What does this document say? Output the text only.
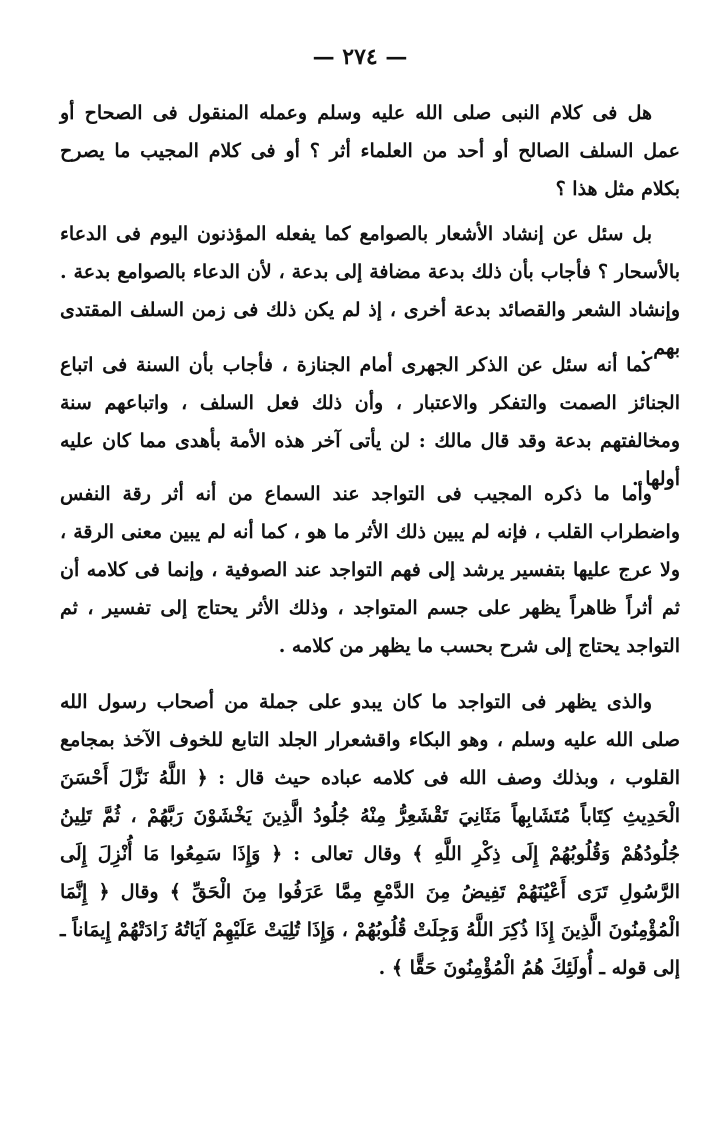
— ٢٧٤ —

هل فى كلام النبى صلى الله عليه وسلم وعمله المنقول فى الصحاح أو عمل السلف الصالح أو أحد من العلماء أثر ؟ أو فى كلام المجيب ما يصرح بكلام مثل هذا ؟

بل سئل عن إنشاد الأشعار بالصوامع كما يفعله المؤذنون اليوم فى الدعاء بالأسحار ؟ فأجاب بأن ذلك بدعة مضافة إلى بدعة ، لأن الدعاء بالصوامع بدعة . وإنشاد الشعر والقصائد بدعة أخرى ، إذ لم يكن ذلك فى زمن السلف المقتدى بهم .

كما أنه سئل عن الذكر الجهرى أمام الجنازة ، فأجاب بأن السنة فى اتباع الجنائز الصمت والتفكر والاعتبار ، وأن ذلك فعل السلف ، واتباعهم سنة ومخالفتهم بدعة وقد قال مالك : لن يأتى آخر هذه الأمة بأهدى مما كان عليه أولها .

وأما ما ذكره المجيب فى التواجد عند السماع من أنه أثر رقة النفس واضطراب القلب ، فإنه لم يبين ذلك الأثر ما هو ، كما أنه لم يبين معنى الرقة ، ولا عرج عليها بتفسير يرشد إلى فهم التواجد عند الصوفية ، وإنما فى كلامه أن ثم أثراً ظاهراً يظهر على جسم المتواجد ، وذلك الأثر يحتاج إلى تفسير ، ثم التواجد يحتاج إلى شرح بحسب ما يظهر من كلامه .

والذى يظهر فى التواجد ما كان يبدو على جملة من أصحاب رسول الله صلى الله عليه وسلم ، وهو البكاء واقشعرار الجلد التابع للخوف الآخذ بمجامع القلوب ، وبذلك وصف الله فى كلامه عباده حيث قال : ﴿ اللَّهُ نَزَّلَ أَحْسَنَ الْحَدِيثِ كِتَاباً مُتَشَابِهاً مَثَانِيَ تَقْشَعِرُّ مِنْهُ جُلُودُ الَّذِينَ يَخْشَوْنَ رَبَّهُمْ ، ثُمَّ تَلِينُ جُلُودُهُمْ وَقُلُوبُهُمْ إِلَى ذِكْرِ اللَّهِ ﴾ وقال تعالى : ﴿ وَإِذَا سَمِعُوا مَا أُنْزِلَ إِلَى الرَّسُولِ تَرَى أَعْيُنَهُمْ تَفِيضُ مِنَ الدَّمْعِ مِمَّا عَرَفُوا مِنَ الْحَقِّ ﴾ وقال ﴿ إِنَّمَا الْمُؤْمِنُونَ الَّذِينَ إِذَا ذُكِرَ اللَّهُ وَجِلَتْ قُلُوبُهُمْ ، وَإِذَا تُلِيَتْ عَلَيْهِمْ آيَاتُهُ زَادَتْهُمْ إِيمَاناً ـ إلى قوله ـ أُولَئِكَ هُمُ الْمُؤْمِنُونَ حَقًّا ﴾ .
